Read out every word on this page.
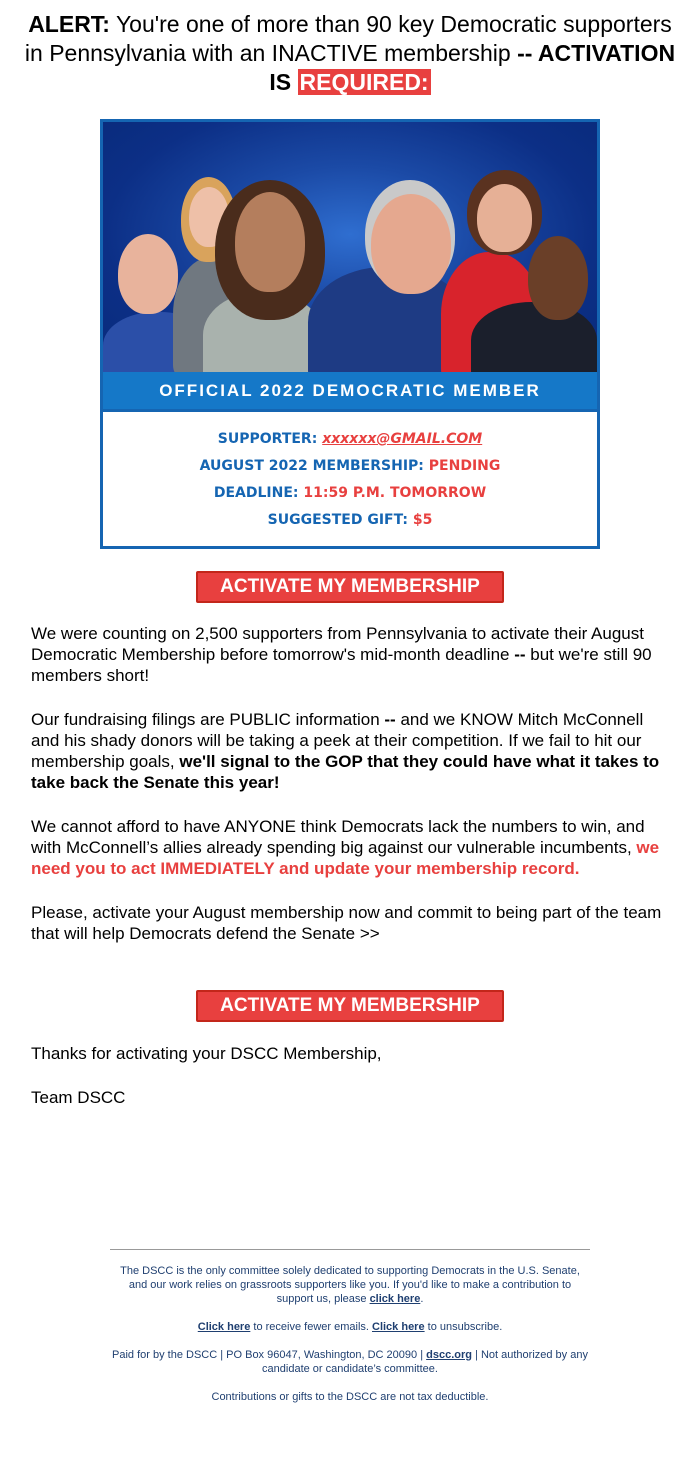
ALERT: You're one of more than 90 key Democratic supporters in Pennsylvania with an INACTIVE membership -- ACTIVATION IS REQUIRED:
OFFICIAL 2022 DEMOCRATIC MEMBER
SUPPORTER: xxxxxx@GMAIL.COM
AUGUST 2022 MEMBERSHIP: PENDING
DEADLINE: 11:59 P.M. TOMORROW
SUGGESTED GIFT: $5
ACTIVATE MY MEMBERSHIP

We were counting on 2,500 supporters from Pennsylvania to activate their August Democratic Membership before tomorrow's mid-month deadline -- but we're still 90 members short!

Our fundraising filings are PUBLIC information -- and we KNOW Mitch McConnell and his shady donors will be taking a peek at their competition. If we fail to hit our membership goals, we'll signal to the GOP that they could have what it takes to take back the Senate this year!

We cannot afford to have ANYONE think Democrats lack the numbers to win, and with McConnell’s allies already spending big against our vulnerable incumbents, we need you to act IMMEDIATELY and update your membership record.

Please, activate your August membership now and commit to being part of the team that will help Democrats defend the Senate >>

ACTIVATE MY MEMBERSHIP

Thanks for activating your DSCC Membership,

Team DSCC

The DSCC is the only committee solely dedicated to supporting Democrats in the U.S. Senate, and our work relies on grassroots supporters like you. If you'd like to make a contribution to support us, please click here.

Click here to receive fewer emails. Click here to unsubscribe.

Paid for by the DSCC | PO Box 96047, Washington, DC 20090 | dscc.org | Not authorized by any candidate or candidate’s committee.

Contributions or gifts to the DSCC are not tax deductible.
